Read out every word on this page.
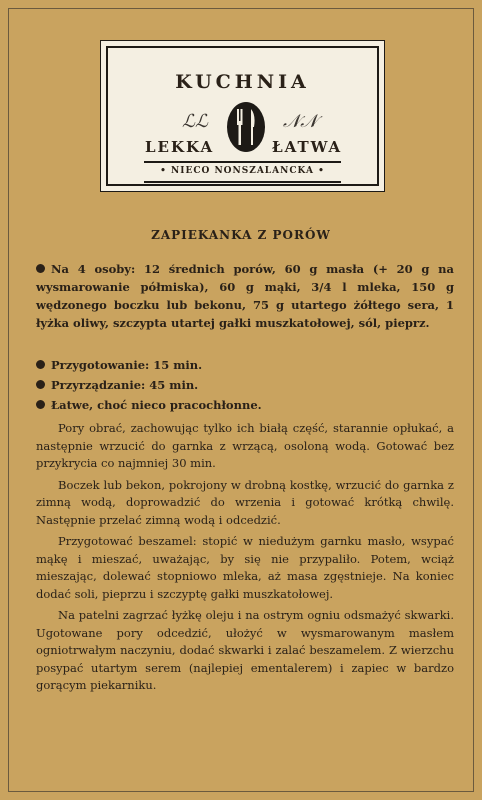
KUCHNIA
ℒℒ	𝒩𝒩
LEKKA	ŁATWA
• NIECO NONSZALANCKA •
ZAPIEKANKA Z PORÓW
Na 4 osoby: 12 średnich porów, 60 g masła (+ 20 g na wysmarowanie półmiska), 60 g mąki, 3/4 l mleka, 150 g wędzonego boczku lub bekonu, 75 g utartego żółtego sera, 1 łyżka oliwy, szczypta utartej gałki muszkatołowej, sól, pieprz.
Przygotowanie: 15 min.
Przyrządzanie: 45 min.
Łatwe, choć nieco pracochłonne.

Pory obrać, zachowując tylko ich białą część, starannie opłukać, a następnie wrzucić do garnka z wrzącą, osoloną wodą. Gotować bez przykrycia co najmniej 30 min.

Boczek lub bekon, pokrojony w drobną kostkę, wrzucić do garnka z zimną wodą, doprowadzić do wrzenia i gotować krótką chwilę. Następnie przelać zimną wodą i odcedzić.

Przygotować beszamel: stopić w niedużym garnku masło, wsypać mąkę i mieszać, uważając, by się nie przypaliło. Potem, wciąż mieszając, dolewać stopniowo mleka, aż masa zgęstnieje. Na koniec dodać soli, pieprzu i szczyptę gałki muszkatołowej.

Na patelni zagrzać łyżkę oleju i na ostrym ogniu odsmażyć skwarki. Ugotowane pory odcedzić, ułożyć w wysmarowanym masłem ogniotrwałym naczyniu, dodać skwarki i zalać beszamelem. Z wierzchu posypać utartym serem (najlepiej ementalerem) i zapiec w bardzo gorącym piekarniku.
